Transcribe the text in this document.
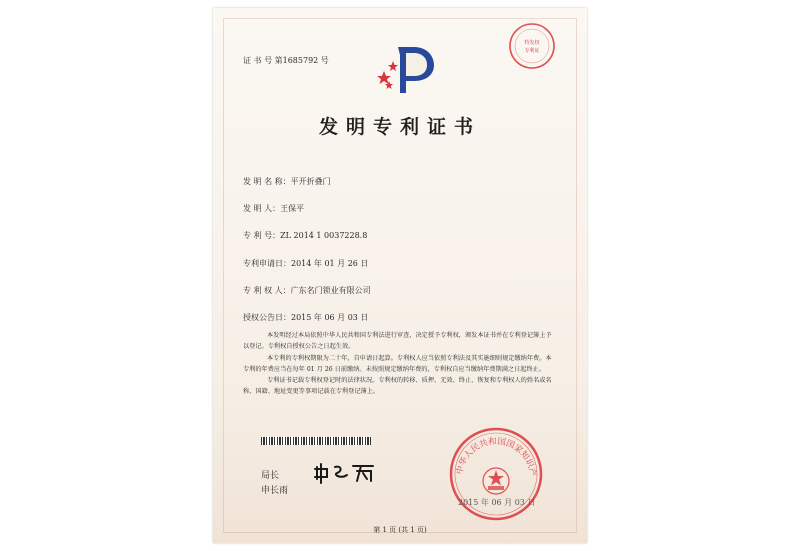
特发权
专利证
证 书 号 第1685792 号
发明专利证书
发 明 名 称：平开折叠门
发 明 人：王保平
专 利 号：ZL 2014 1 0037228.8
专利申请日：2014 年 01 月 26 日
专 利 权 人：广东名门锁业有限公司
授权公告日：2015 年 06 月 03 日
本发明经过本局依照中华人民共和国专利法进行审查，决定授予专利权，颁发本证书并在专利登记簿上予以登记。专利权自授权公告之日起生效。
本专利的专利权期限为二十年，自申请日起算。专利权人应当依照专利法及其实施细则规定缴纳年费。本专利的年费应当在每年 01 月 26 日前缴纳。未按照规定缴纳年费的，专利权自应当缴纳年费期满之日起终止。
专利证书记载专利权登记时的法律状况。专利权的转移、质押、无效、终止、恢复和专利权人的姓名或名称、国籍、地址变更等事项记载在专利登记簿上。
局长
申长雨
中华人民共和国国家知识产
2015 年 06 月 03 日
第 1 页 (共 1 页)
